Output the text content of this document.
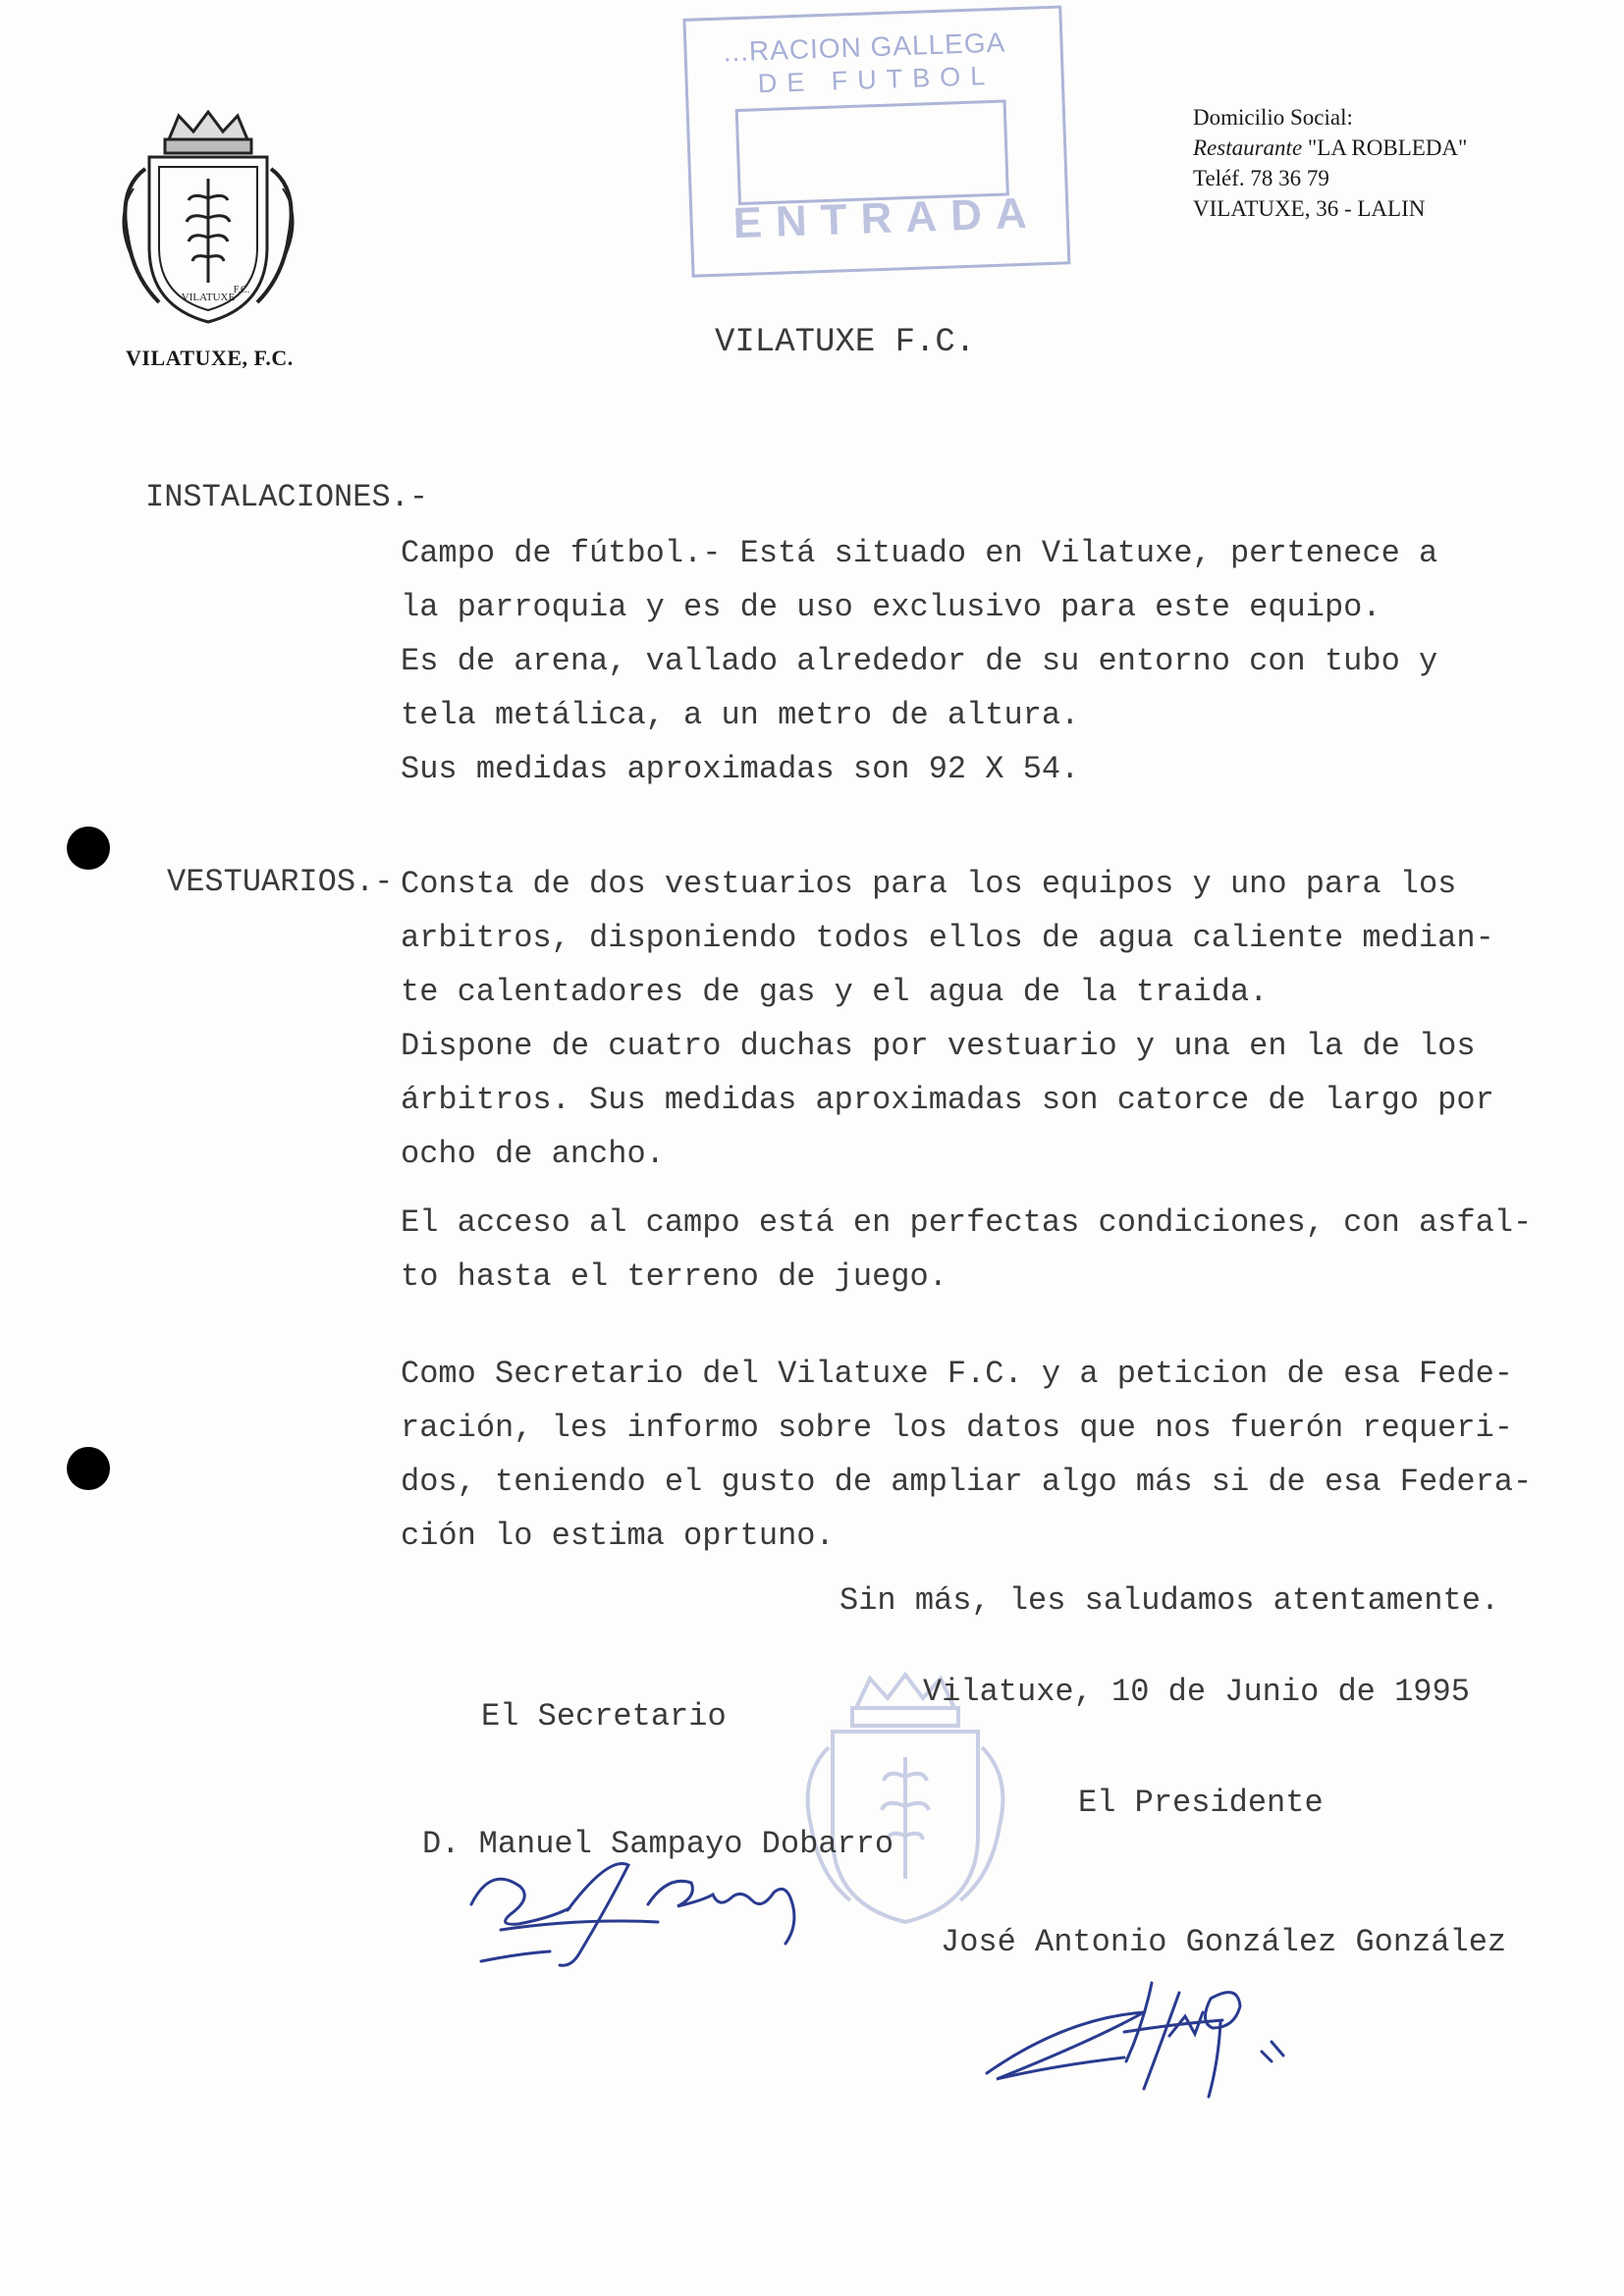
VILATUXE
F.C.
VILATUXE, F.C.
...RACION GALLEGA
DE FUTBOL
ENTRADA
Domicilio Social:
Restaurante "LA ROBLEDA"
Teléf. 78 36 79
VILATUXE, 36 - LALIN
VILATUXE F.C.
INSTALACIONES.-
Campo de fútbol.- Está situado en Vilatuxe, pertenece a
la parroquia y es de uso exclusivo para este equipo.
Es de arena, vallado alrededor de su entorno con tubo y
tela metálica, a un metro de altura.
Sus medidas aproximadas son 92 X 54.
VESTUARIOS.- Consta de dos vestuarios para los equipos y uno para los
arbitros, disponiendo todos ellos de agua caliente median-
te calentadores de gas y el agua de la traida.
Dispone de cuatro duchas por vestuario y una en la de los
árbitros. Sus medidas aproximadas son catorce de largo por
ocho de ancho.
El acceso al campo está en perfectas condiciones, con asfal-
to hasta el terreno de juego.
Como Secretario del Vilatuxe F.C. y a peticion de esa Fede-
ración, les informo sobre los datos que nos fuerón requeri-
dos, teniendo el gusto de ampliar algo más si de esa Federa-
ción lo estima oprtuno.
Sin más, les saludamos atentamente.
Vilatuxe, 10 de Junio de 1995
El Secretario
El Presidente
D. Manuel Sampayo Dobarro
José Antonio González González
